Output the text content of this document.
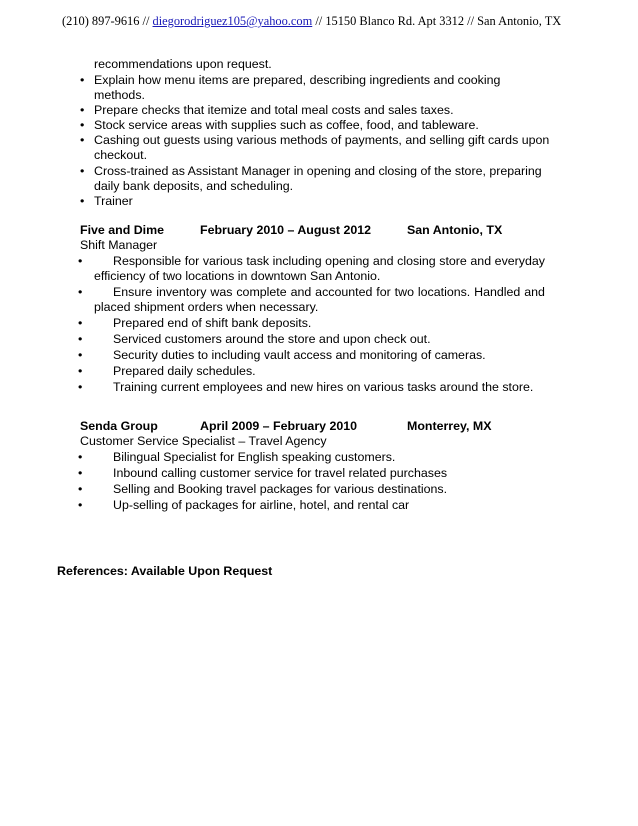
(210) 897-9616 // diegorodriguez105@yahoo.com // 15150 Blanco Rd. Apt 3312 // San Antonio, TX
recommendations upon request.
• Explain how menu items are prepared, describing ingredients and cooking
methods.
• Prepare checks that itemize and total meal costs and sales taxes.
• Stock service areas with supplies such as coffee, food, and tableware.
• Cashing out guests using various methods of payments, and selling gift cards upon
checkout.
• Cross-trained as Assistant Manager in opening and closing of the store, preparing
daily bank deposits, and scheduling.
• Trainer
Five and Dime	February 2010 – August 2012	San Antonio, TX
Shift Manager
• Responsible for various task including opening and closing store and everyday
efficiency of two locations in downtown San Antonio.
• Ensure inventory was complete and accounted for two locations. Handled and
placed shipment orders when necessary.
• Prepared end of shift bank deposits.
• Serviced customers around the store and upon check out.
• Security duties to including vault access and monitoring of cameras.
• Prepared daily schedules.
• Training current employees and new hires on various tasks around the store.
Senda Group	April 2009 – February 2010	Monterrey, MX
Customer Service Specialist – Travel Agency
• Bilingual Specialist for English speaking customers.
• Inbound calling customer service for travel related purchases
• Selling and Booking travel packages for various destinations.
• Up-selling of packages for airline, hotel, and rental car
References: Available Upon Request
